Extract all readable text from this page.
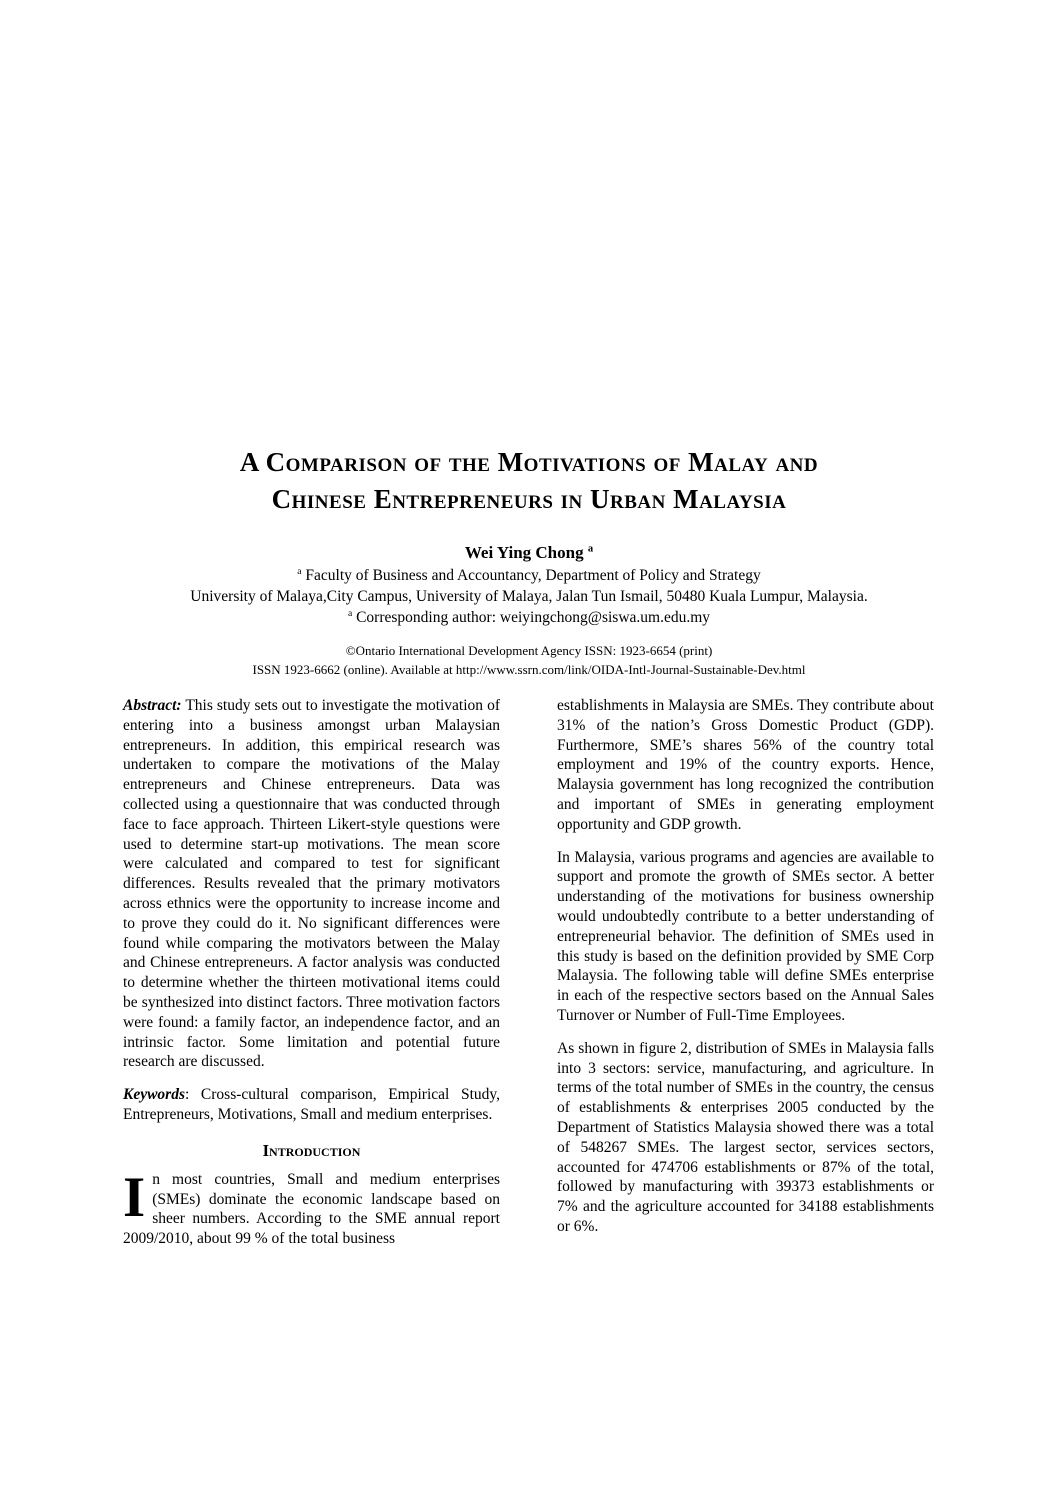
A Comparison of the Motivations of Malay and
Chinese Entrepreneurs in Urban Malaysia
Wei Ying Chong $^a$
$^a$ Faculty of Business and Accountancy, Department of Policy and Strategy
University of Malaya,City Campus, University of Malaya, Jalan Tun Ismail, 50480 Kuala Lumpur, Malaysia.
$^a$ Corresponding author: weiyingchong@siswa.um.edu.my
©Ontario International Development Agency ISSN: 1923-6654 (print)
ISSN 1923-6662 (online). Available at http://www.ssrn.com/link/OIDA-Intl-Journal-Sustainable-Dev.html

Abstract: This study sets out to investigate the motivation of entering into a business amongst urban Malaysian entrepreneurs. In addition, this empirical research was undertaken to compare the motivations of the Malay entrepreneurs and Chinese entrepreneurs. Data was collected using a questionnaire that was conducted through face to face approach. Thirteen Likert-style questions were used to determine start-up motivations. The mean score were calculated and compared to test for significant differences. Results revealed that the primary motivators across ethnics were the opportunity to increase income and to prove they could do it. No significant differences were found while comparing the motivators between the Malay and Chinese entrepreneurs. A factor analysis was conducted to determine whether the thirteen motivational items could be synthesized into distinct factors. Three motivation factors were found: a family factor, an independence factor, and an intrinsic factor. Some limitation and potential future research are discussed.

Keywords: Cross-cultural comparison, Empirical Study, Entrepreneurs, Motivations, Small and medium enterprises.

Introduction

In most countries, Small and medium enterprises (SMEs) dominate the economic landscape based on sheer numbers. According to the SME annual report 2009/2010, about 99 % of the total business

establishments in Malaysia are SMEs. They contribute about 31% of the nation’s Gross Domestic Product (GDP). Furthermore, SME’s shares 56% of the country total employment and 19% of the country exports. Hence, Malaysia government has long recognized the contribution and important of SMEs in generating employment opportunity and GDP growth.

In Malaysia, various programs and agencies are available to support and promote the growth of SMEs sector. A better understanding of the motivations for business ownership would undoubtedly contribute to a better understanding of entrepreneurial behavior. The definition of SMEs used in this study is based on the definition provided by SME Corp Malaysia. The following table will define SMEs enterprise in each of the respective sectors based on the Annual Sales Turnover or Number of Full-Time Employees.

As shown in figure 2, distribution of SMEs in Malaysia falls into 3 sectors: service, manufacturing, and agriculture. In terms of the total number of SMEs in the country, the census of establishments & enterprises 2005 conducted by the Department of Statistics Malaysia showed there was a total of 548267 SMEs. The largest sector, services sectors, accounted for 474706 establishments or 87% of the total, followed by manufacturing with 39373 establishments or 7% and the agriculture accounted for 34188 establishments or 6%.
